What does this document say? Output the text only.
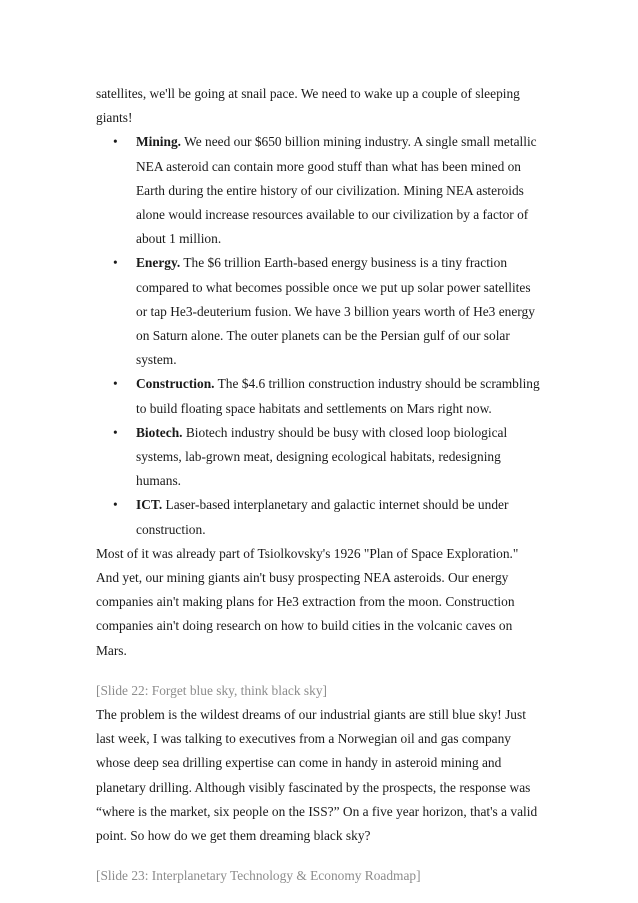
satellites, we'll be going at snail pace. We need to wake up a couple of sleeping giants!

• Mining. We need our $650 billion mining industry. A single small metallic NEA asteroid can contain more good stuff than what has been mined on Earth during the entire history of our civilization. Mining NEA asteroids alone would increase resources available to our civilization by a factor of about 1 million.
• Energy. The $6 trillion Earth-based energy business is a tiny fraction compared to what becomes possible once we put up solar power satellites or tap He3-deuterium fusion. We have 3 billion years worth of He3 energy on Saturn alone. The outer planets can be the Persian gulf of our solar system.
• Construction. The $4.6 trillion construction industry should be scrambling to build floating space habitats and settlements on Mars right now.
• Biotech. Biotech industry should be busy with closed loop biological systems, lab-grown meat, designing ecological habitats, redesigning humans.
• ICT. Laser-based interplanetary and galactic internet should be under construction.

Most of it was already part of Tsiolkovsky's 1926 "Plan of Space Exploration." And yet, our mining giants ain't busy prospecting NEA asteroids. Our energy companies ain't making plans for He3 extraction from the moon. Construction companies ain't doing research on how to build cities in the volcanic caves on Mars.

[Slide 22: Forget blue sky, think black sky]

The problem is the wildest dreams of our industrial giants are still blue sky! Just last week, I was talking to executives from a Norwegian oil and gas company whose deep sea drilling expertise can come in handy in asteroid mining and planetary drilling. Although visibly fascinated by the prospects, the response was “where is the market, six people on the ISS?” On a five year horizon, that's a valid point. So how do we get them dreaming black sky?

[Slide 23: Interplanetary Technology & Economy Roadmap]
